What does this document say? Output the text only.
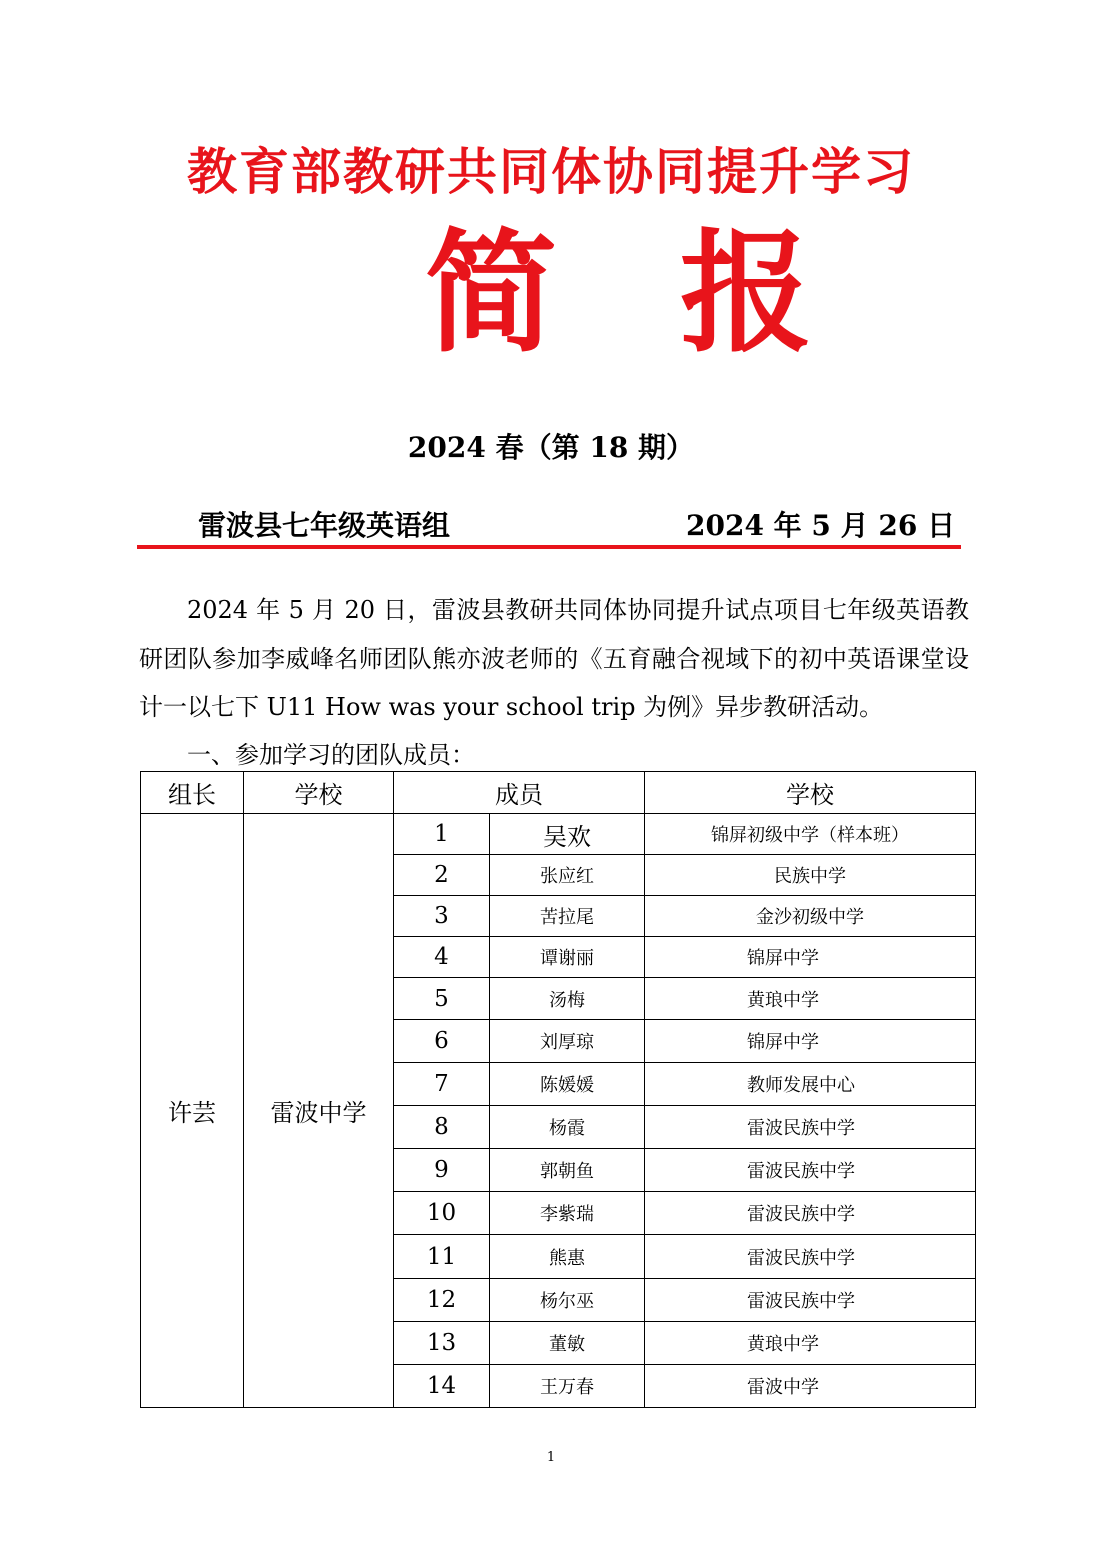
教育部教研共同体协同提升学习
简 报
2024 春（第 18 期）
雷波县七年级英语组	2024 年 5 月 26 日
2024 年 5 月 20 日，雷波县教研共同体协同提升试点项目七年级英语教研团队参加李威峰名师团队熊亦波老师的《五育融合视域下的初中英语课堂设计一以七下 U11 How was your school trip 为例》异步教研活动。
一、参加学习的团队成员：
组长	学校	成员		学校
许芸	雷波中学	1	吴欢	锦屏初级中学（样本班）
		2	张应红	民族中学
		3	苦拉尾	金沙初级中学
		4	谭谢丽	锦屏中学
		5	汤梅	黄琅中学
		6	刘厚琼	锦屏中学
		7	陈媛媛	教师发展中心
		8	杨霞	雷波民族中学
		9	郭朝鱼	雷波民族中学
		10	李紫瑞	雷波民族中学
		11	熊惠	雷波民族中学
		12	杨尔巫	雷波民族中学
		13	董敏	黄琅中学
		14	王万春	雷波中学
1
